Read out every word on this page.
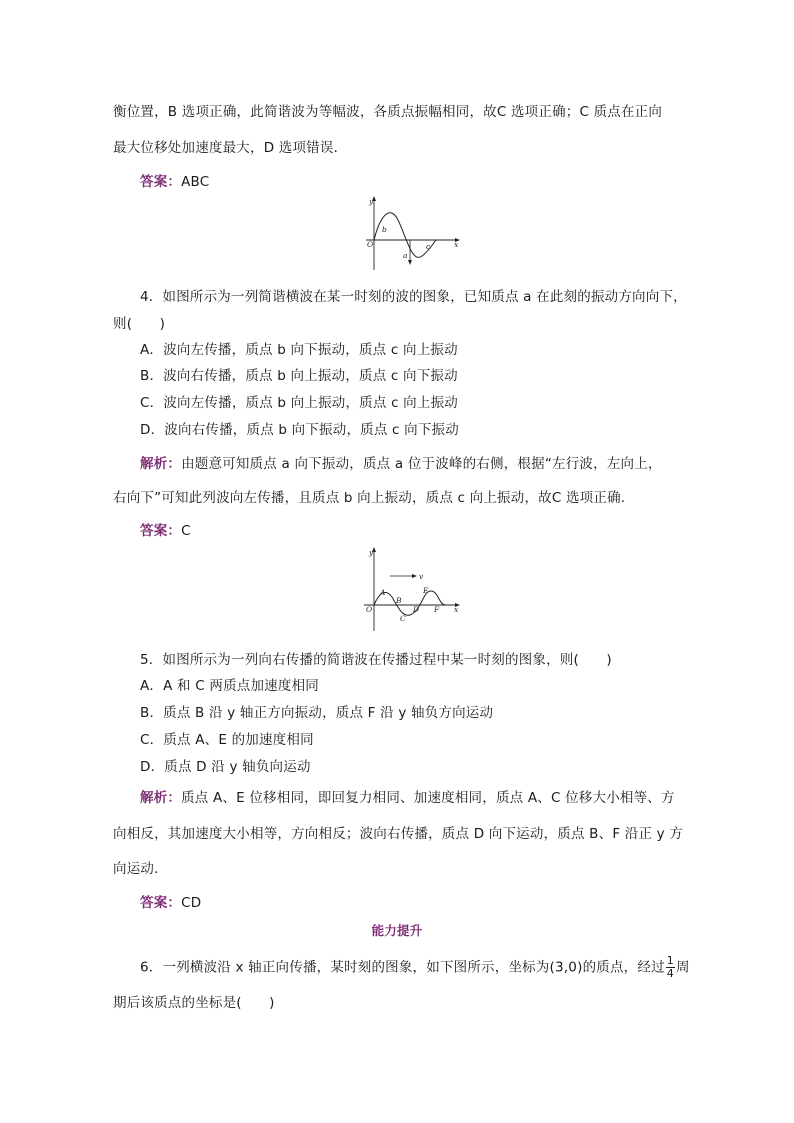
衡位置，B 选项正确，此简谐波为等幅波，各质点振幅相同，故C 选项正确；C 质点在正向
最大位移处加速度最大，D 选项错误．
答案：ABC
y
O
b
a
c	x
4．如图所示为一列简谐横波在某一时刻的波的图象，已知质点 a 在此刻的振动方向向下，
则(　　)
A．波向左传播，质点 b 向下振动，质点 c 向上振动
B．波向右传播，质点 b 向上振动，质点 c 向下振动
C．波向左传播，质点 b 向上振动，质点 c 向上振动
D．波向右传播，质点 b 向下振动，质点 c 向下振动
解析：由题意可知质点 a 向下振动，质点 a 位于波峰的右侧，根据“左行波，左向上，
右向下”可知此列波向左传播，且质点 b 向上振动，质点 c 向上振动，故C 选项正确．
答案：C
y
v
O
A
B
C
D
E
F x
5．如图所示为一列向右传播的简谐波在传播过程中某一时刻的图象，则(　　)
A．A 和 C 两质点加速度相同
B．质点 B 沿 y 轴正方向振动，质点 F 沿 y 轴负方向运动
C．质点 A、E 的加速度相同
D．质点 D 沿 y 轴负向运动
解析：质点 A、E 位移相同，即回复力相同、加速度相同，质点 A、C 位移大小相等、方
向相反，其加速度大小相等，方向相反；波向右传播，质点 D 向下运动，质点 B、F 沿正 y 方
向运动．
答案：CD
能力提升
6．一列横波沿 x 轴正向传播，某时刻的图象，如下图所示，坐标为(3,0)的质点，经过 $\frac{1}{4}$ 周
期后该质点的坐标是(　　)
